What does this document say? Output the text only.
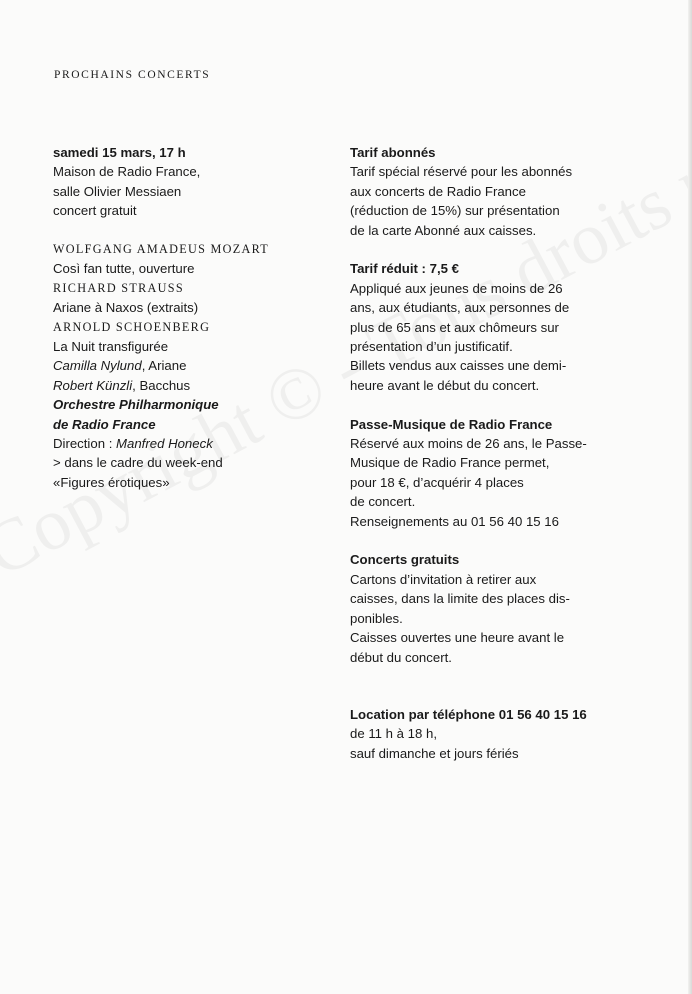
PROCHAINS CONCERTS
samedi 15 mars, 17 h
Maison de Radio France,
salle Olivier Messiaen
concert gratuit
WOLFGANG AMADEUS MOZART
Così fan tutte, ouverture
RICHARD STRAUSS
Ariane à Naxos (extraits)
ARNOLD SCHOENBERG
La Nuit transfigurée
Camilla Nylund, Ariane
Robert Künzli, Bacchus
Orchestre Philharmonique
de Radio France
Direction : Manfred Honeck
> dans le cadre du week-end
«Figures érotiques»
Tarif abonnés
Tarif spécial réservé pour les abonnés
aux concerts de Radio France
(réduction de 15%) sur présentation
de la carte Abonné aux caisses.
Tarif réduit : 7,5 €
Appliqué aux jeunes de moins de 26
ans, aux étudiants, aux personnes de
plus de 65 ans et aux chômeurs sur
présentation d’un justificatif.
Billets vendus aux caisses une demi-
heure avant le début du concert.
Passe-Musique de Radio France
Réservé aux moins de 26 ans, le Passe-
Musique de Radio France permet,
pour 18 €, d’acquérir 4 places
de concert.
Renseignements au 01 56 40 15 16
Concerts gratuits
Cartons d’invitation à retirer aux
caisses, dans la limite des places dis-
ponibles.
Caisses ouvertes une heure avant le
début du concert.
Location par téléphone 01 56 40 15 16
de 11 h à 18 h,
sauf dimanche et jours fériés
